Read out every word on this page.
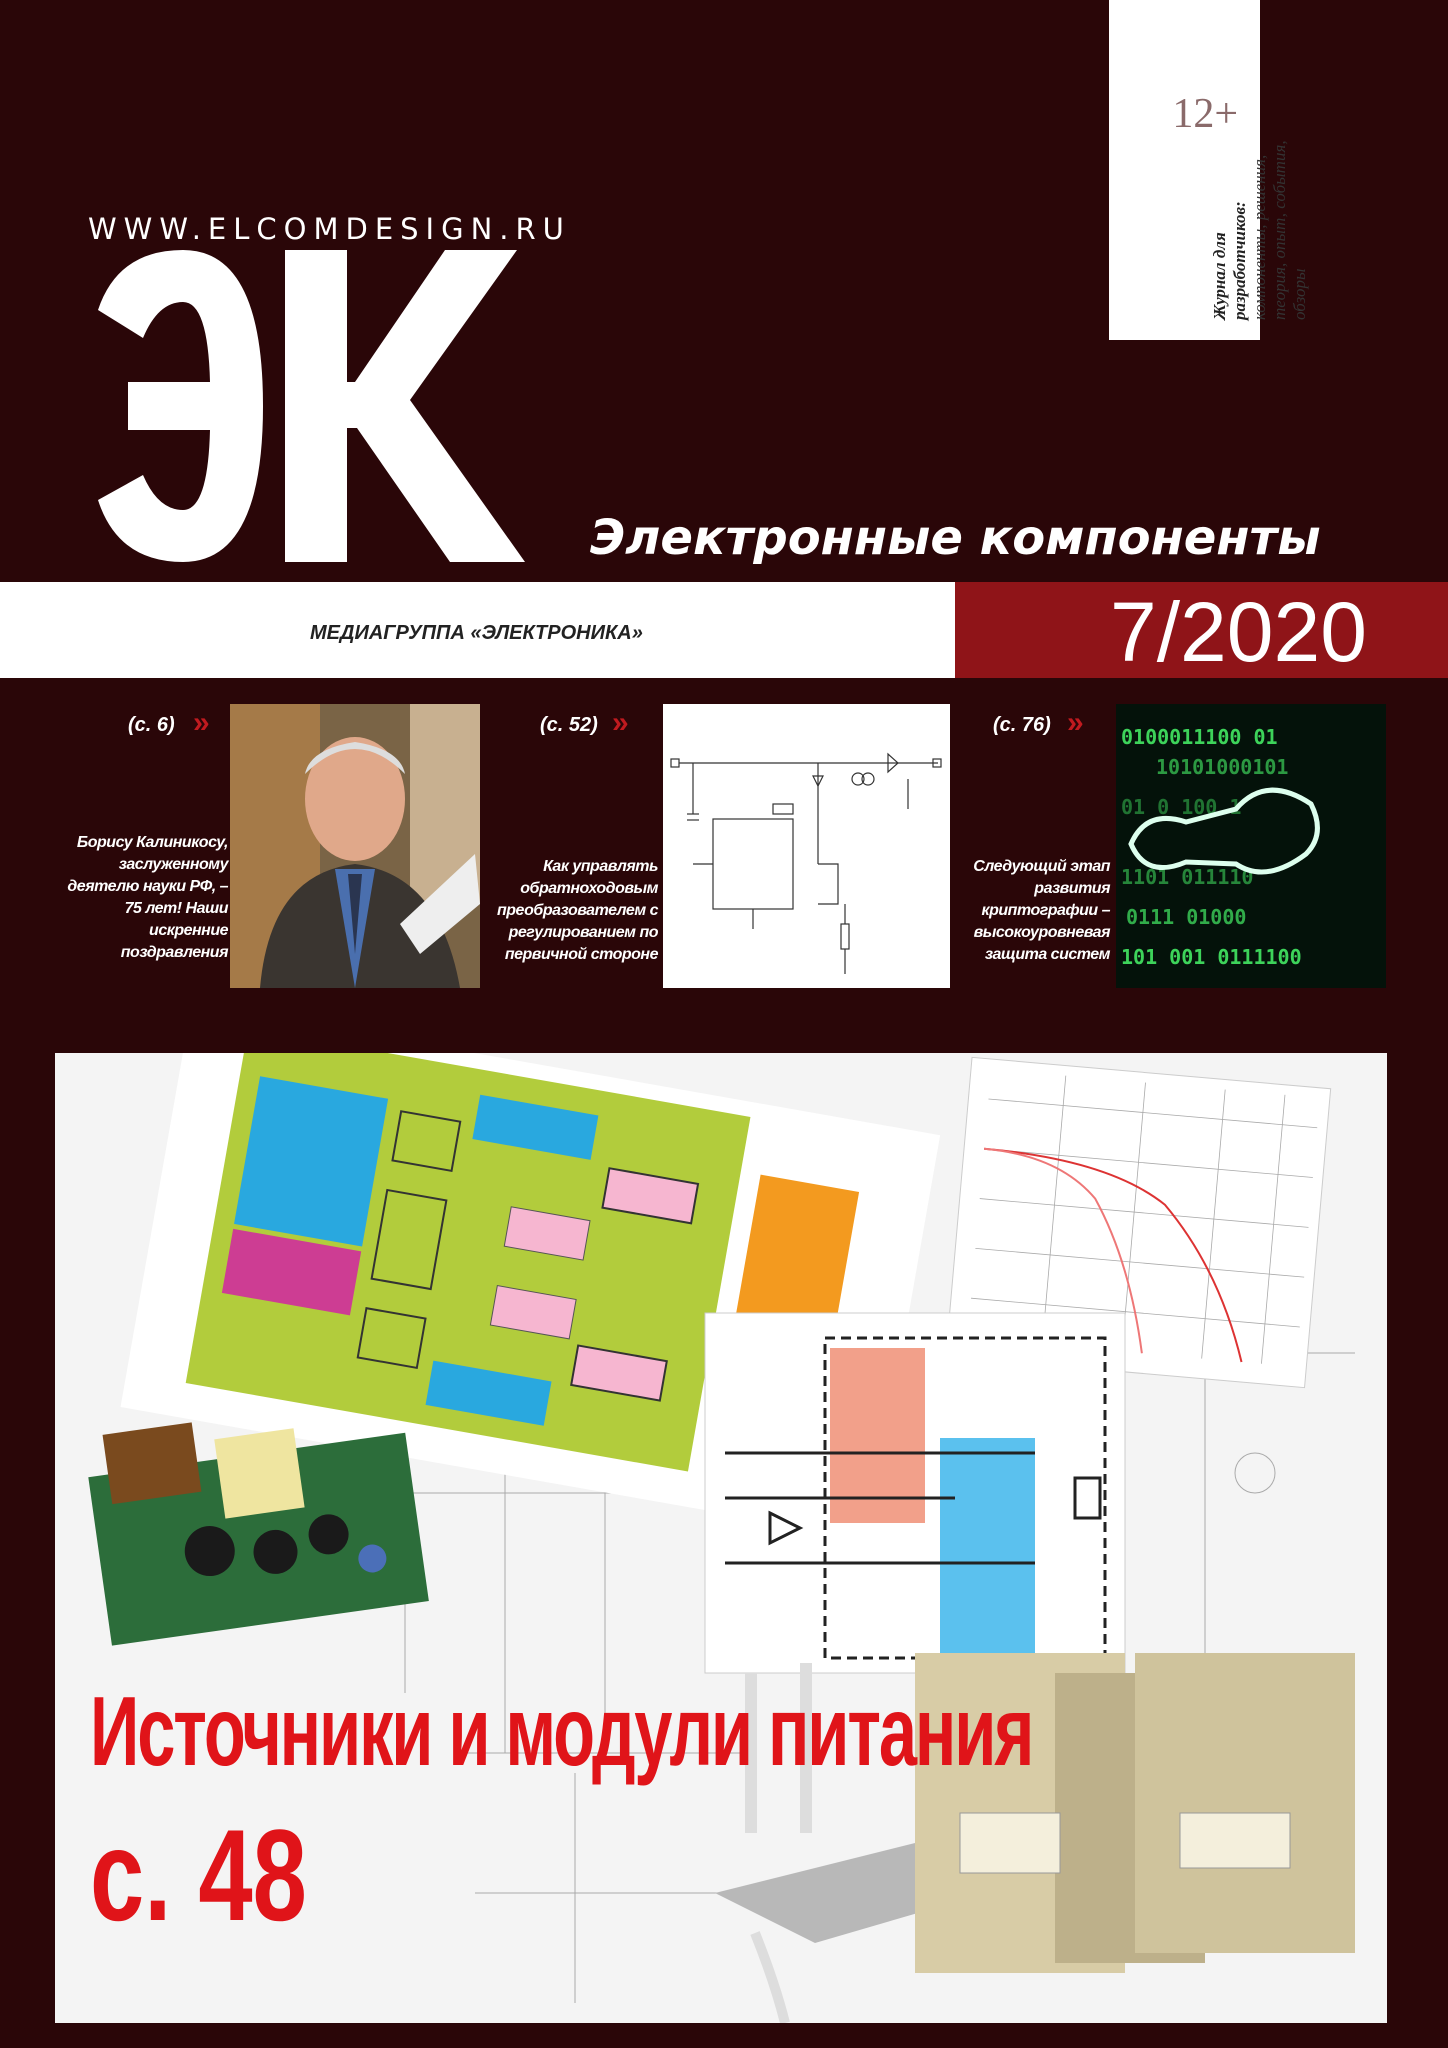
WWW.ELCOMDESIGN.RU
Электронные компоненты
12+
Журнал для разработчиков: компоненты, решения, теория, опыт, события, обзоры
МЕДИАГРУППА «ЭЛЕКТРОНИКА»	7/2020
(с. 6) »
Борису Калиникосу, заслуженному деятелю науки РФ, – 75 лет! Наши искренние поздравления
(с. 52) »
Как управлять обратноходовым преобразователем с регулированием по первичной стороне
(с. 76) »
Следующий этап развития криптографии – высокоуровневая защита систем
0100011100 01
10101000101
01 0 100 1
1101 011110
0111 01000
101 001 0111100
Источники и модули питания
с. 48
